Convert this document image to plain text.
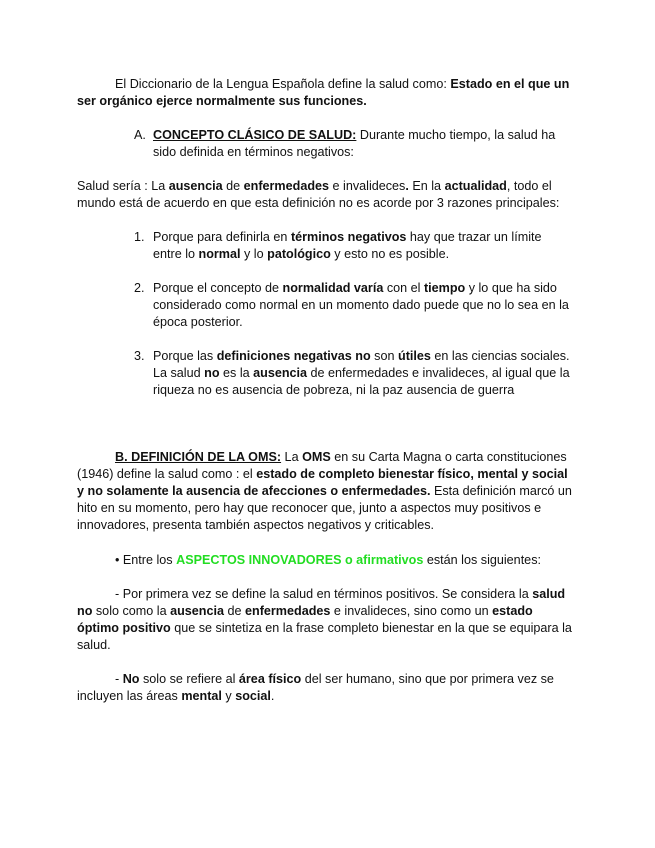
El Diccionario de la Lengua Española define la salud como: Estado en el que un ser orgánico ejerce normalmente sus funciones.

A. CONCEPTO CLÁSICO DE SALUD: Durante mucho tiempo, la salud ha sido definida en términos negativos:

Salud sería : La ausencia de enfermedades e invalideces. En la actualidad, todo el mundo está de acuerdo en que esta definición no es acorde por 3 razones principales:

1. Porque para definirla en términos negativos hay que trazar un límite entre lo normal y lo patológico y esto no es posible.
2. Porque el concepto de normalidad varía con el tiempo y lo que ha sido considerado como normal en un momento dado puede que no lo sea en la época posterior.
3. Porque las definiciones negativas no son útiles en las ciencias sociales. La salud no es la ausencia de enfermedades e invalideces, al igual que la riqueza no es ausencia de pobreza, ni la paz ausencia de guerra

B. DEFINICIÓN DE LA OMS: La OMS en su Carta Magna o carta constituciones (1946) define la salud como : el estado de completo bienestar físico, mental y social y no solamente la ausencia de afecciones o enfermedades. Esta definición marcó un hito en su momento, pero hay que reconocer que, junto a aspectos muy positivos e innovadores, presenta también aspectos negativos y criticables.

• Entre los ASPECTOS INNOVADORES o afirmativos están los siguientes:

- Por primera vez se define la salud en términos positivos. Se considera la salud no solo como la ausencia de enfermedades e invalideces, sino como un estado óptimo positivo que se sintetiza en la frase completo bienestar en la que se equipara la salud.

- No solo se refiere al área físico del ser humano, sino que por primera vez se incluyen las áreas mental y social.
